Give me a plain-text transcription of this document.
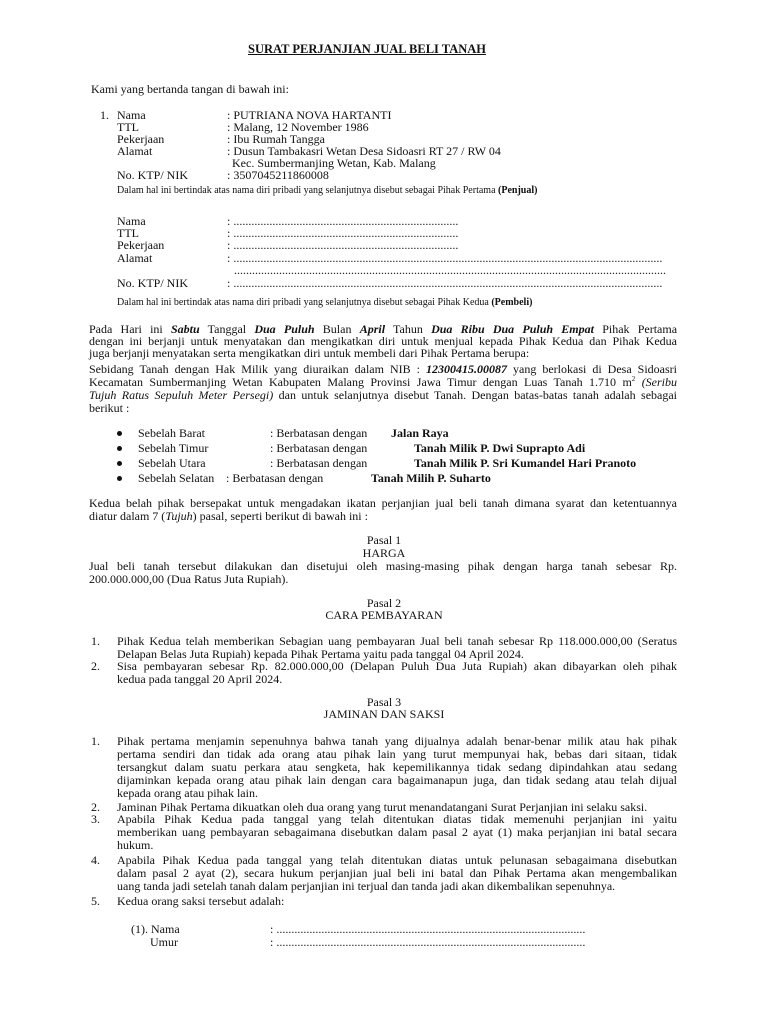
SURAT PERJANJIAN JUAL BELI TANAH
Kami yang bertanda tangan di bawah ini:
1. Nama	: PUTRIANA NOVA HARTANTI
TTL	: Malang, 12 November 1986
Pekerjaan	: Ibu Rumah Tangga
Alamat	: Dusun Tambakasri Wetan Desa Sidoasri RT 27 / RW 04
Kec. Sumbermanjing Wetan, Kab. Malang
No. KTP/ NIK	: 3507045211860008
Dalam hal ini bertindak atas nama diri pribadi yang selanjutnya disebut sebagai Pihak Pertama (Penjual)
Nama	: ...........................................................................
TTL	: ...........................................................................
Pekerjaan	: ...........................................................................
Alamat	: ...............................................................................................................................................
................................................................................................................................................
No. KTP/ NIK	: ...............................................................................................................................................
Dalam hal ini bertindak atas nama diri pribadi yang selanjutnya disebut sebagai Pihak Kedua (Pembeli)
Pada Hari ini Sabtu Tanggal Dua Puluh Bulan April Tahun Dua Ribu Dua Puluh Empat Pihak Pertama
dengan ini berjanji untuk menyatakan dan mengikatkan diri untuk menjual kepada Pihak Kedua dan Pihak Kedua
juga berjanji menyatakan serta mengikatkan diri untuk membeli dari Pihak Pertama berupa:
Sebidang Tanah dengan Hak Milik yang diuraikan dalam NIB : 12300415.00087 yang berlokasi di Desa Sidoasri
Kecamatan Sumbermanjing Wetan Kabupaten Malang Provinsi Jawa Timur dengan Luas Tanah 1.710 $m^2$ (Seribu
Tujuh Ratus Sepuluh Meter Persegi) dan untuk selanjutnya disebut Tanah. Dengan batas-batas tanah adalah sebagai
berikut :
Sebelah Barat	: Berbatasan dengan Jalan Raya
Sebelah Timur	: Berbatasan dengan	Tanah Milik P. Dwi Suprapto Adi
Sebelah Utara	: Berbatasan dengan	Tanah Milik P. Sri Kumandel Hari Pranoto
Sebelah Selatan : Berbatasan dengan	Tanah Milih P. Suharto
Kedua belah pihak bersepakat untuk mengadakan ikatan perjanjian jual beli tanah dimana syarat dan ketentuannya
diatur dalam 7 (Tujuh) pasal, seperti berikut di bawah ini :
Pasal 1
HARGA
Jual beli tanah tersebut dilakukan dan disetujui oleh masing-masing pihak dengan harga tanah sebesar Rp.
200.000.000,00 (Dua Ratus Juta Rupiah).
Pasal 2
CARA PEMBAYARAN
1. Pihak Kedua telah memberikan Sebagian uang pembayaran Jual beli tanah sebesar Rp 118.000.000,00 (Seratus
Delapan Belas Juta Rupiah) kepada Pihak Pertama yaitu pada tanggal 04 April 2024.
2. Sisa pembayaran sebesar Rp. 82.000.000,00 (Delapan Puluh Dua Juta Rupiah) akan dibayarkan oleh pihak
kedua pada tanggal 20 April 2024.
Pasal 3
JAMINAN DAN SAKSI
1. Pihak pertama menjamin sepenuhnya bahwa tanah yang dijualnya adalah benar-benar milik atau hak pihak
pertama sendiri dan tidak ada orang atau pihak lain yang turut mempunyai hak, bebas dari sitaan, tidak
tersangkut dalam suatu perkara atau sengketa, hak kepemilikannya tidak sedang dipindahkan atau sedang
dijaminkan kepada orang atau pihak lain dengan cara bagaimanapun juga, dan tidak sedang atau telah dijual
kepada orang atau pihak lain.
2. Jaminan Pihak Pertama dikuatkan oleh dua orang yang turut menandatangani Surat Perjanjian ini selaku saksi.
3. Apabila Pihak Kedua pada tanggal yang telah ditentukan diatas tidak memenuhi perjanjian ini yaitu
memberikan uang pembayaran sebagaimana disebutkan dalam pasal 2 ayat (1) maka perjanjian ini batal secara
hukum.
4. Apabila Pihak Kedua pada tanggal yang telah ditentukan diatas untuk pelunasan sebagaimana disebutkan
dalam pasal 2 ayat (2), secara hukum perjanjian jual beli ini batal dan Pihak Pertama akan mengembalikan
uang tanda jadi setelah tanah dalam perjanjian ini terjual dan tanda jadi akan dikembalikan sepenuhnya.
5. Kedua orang saksi tersebut adalah:
(1). Nama	: .......................................................................................................
Umur	: .......................................................................................................
